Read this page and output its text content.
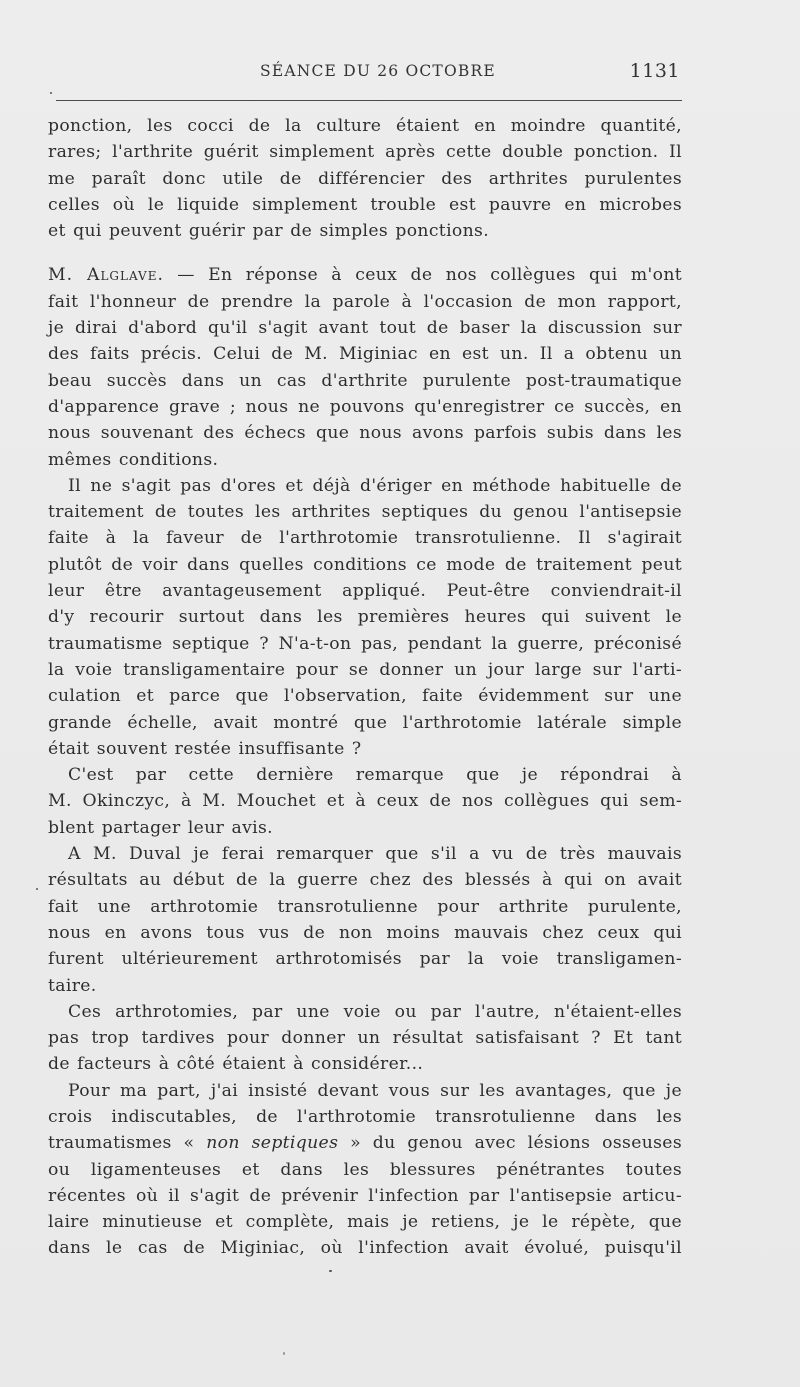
SÉANCE DU 26 OCTOBRE	1131
ponction, les cocci de la culture étaient en moindre quantité,
rares; l'arthrite guérit simplement après cette double ponction. Il
me paraît donc utile de différencier des arthrites purulentes
celles où le liquide simplement trouble est pauvre en microbes
et qui peuvent guérir par de simples ponctions.
M. Alglave. — En réponse à ceux de nos collègues qui m'ont
fait l'honneur de prendre la parole à l'occasion de mon rapport,
je dirai d'abord qu'il s'agit avant tout de baser la discussion sur
des faits précis. Celui de M. Miginiac en est un. Il a obtenu un
beau succès dans un cas d'arthrite purulente post-traumatique
d'apparence grave ; nous ne pouvons qu'enregistrer ce succès, en
nous souvenant des échecs que nous avons parfois subis dans les
mêmes conditions.
Il ne s'agit pas d'ores et déjà d'ériger en méthode habituelle de
traitement de toutes les arthrites septiques du genou l'antisepsie
faite à la faveur de l'arthrotomie transrotulienne. Il s'agirait
plutôt de voir dans quelles conditions ce mode de traitement peut
leur être avantageusement appliqué. Peut-être conviendrait-il
d'y recourir surtout dans les premières heures qui suivent le
traumatisme septique ? N'a-t-on pas, pendant la guerre, préconisé
la voie transligamentaire pour se donner un jour large sur l'arti-
culation et parce que l'observation, faite évidemment sur une
grande échelle, avait montré que l'arthrotomie latérale simple
était souvent restée insuffisante ?
C'est par cette dernière remarque que je répondrai à
M. Okinczyc, à M. Mouchet et à ceux de nos collègues qui sem-
blent partager leur avis.
A M. Duval je ferai remarquer que s'il a vu de très mauvais
résultats au début de la guerre chez des blessés à qui on avait
fait une arthrotomie transrotulienne pour arthrite purulente,
nous en avons tous vus de non moins mauvais chez ceux qui
furent ultérieurement arthrotomisés par la voie transligamen-
taire.
Ces arthrotomies, par une voie ou par l'autre, n'étaient-elles
pas trop tardives pour donner un résultat satisfaisant ? Et tant
de facteurs à côté étaient à considérer...
Pour ma part, j'ai insisté devant vous sur les avantages, que je
crois indiscutables, de l'arthrotomie transrotulienne dans les
traumatismes « non septiques » du genou avec lésions osseuses
ou ligamenteuses et dans les blessures pénétrantes toutes
récentes où il s'agit de prévenir l'infection par l'antisepsie articu-
laire minutieuse et complète, mais je retiens, je le répète, que
dans le cas de Miginiac, où l'infection avait évolué, puisqu'il
